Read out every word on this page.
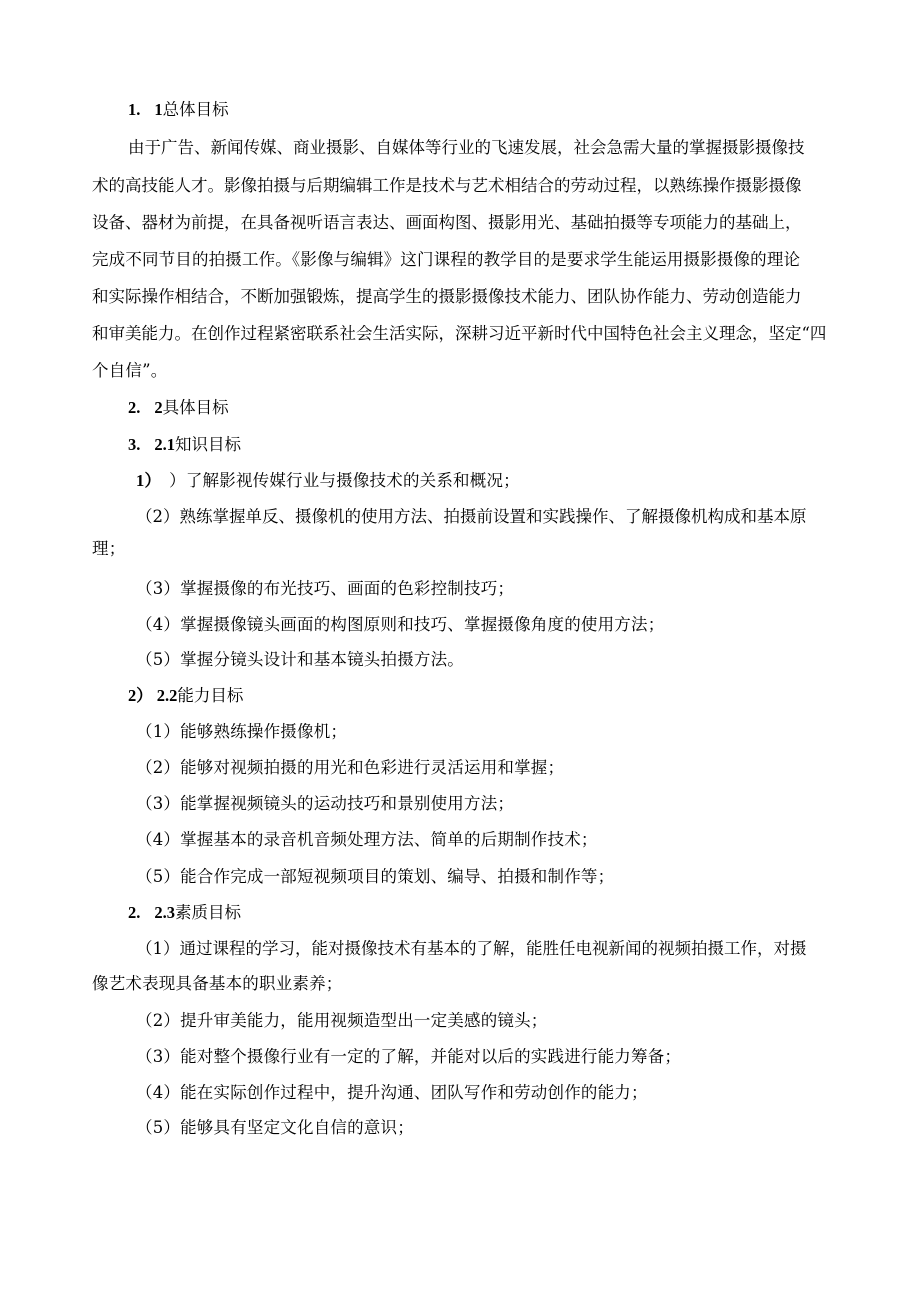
1. 1总体目标
由于广告、新闻传媒、商业摄影、自媒体等行业的飞速发展，社会急需大量的掌握摄影摄像技
术的高技能人才。影像拍摄与后期编辑工作是技术与艺术相结合的劳动过程，以熟练操作摄影摄像
设备、器材为前提，在具备视听语言表达、画面构图、摄影用光、基础拍摄等专项能力的基础上，
完成不同节目的拍摄工作。《影像与编辑》这门课程的教学目的是要求学生能运用摄影摄像的理论
和实际操作相结合，不断加强锻炼，提高学生的摄影摄像技术能力、团队协作能力、劳动创造能力
和审美能力。在创作过程紧密联系社会生活实际，深耕习近平新时代中国特色社会主义理念，坚定“四
个自信”。
2. 2具体目标
3. 2.1知识目标
1） ）了解影视传媒行业与摄像技术的关系和概况；
（2）熟练掌握单反、摄像机的使用方法、拍摄前设置和实践操作、了解摄像机构成和基本原
理；
（3）掌握摄像的布光技巧、画面的色彩控制技巧；
（4）掌握摄像镜头画面的构图原则和技巧、掌握摄像角度的使用方法；
（5）掌握分镜头设计和基本镜头拍摄方法。
2） 2.2能力目标
（1）能够熟练操作摄像机；
（2）能够对视频拍摄的用光和色彩进行灵活运用和掌握；
（3）能掌握视频镜头的运动技巧和景别使用方法；
（4）掌握基本的录音机音频处理方法、简单的后期制作技术；
（5）能合作完成一部短视频项目的策划、编导、拍摄和制作等；
2. 2.3素质目标
（1）通过课程的学习，能对摄像技术有基本的了解，能胜任电视新闻的视频拍摄工作，对摄
像艺术表现具备基本的职业素养；
（2）提升审美能力，能用视频造型出一定美感的镜头；
（3）能对整个摄像行业有一定的了解，并能对以后的实践进行能力筹备；
（4）能在实际创作过程中，提升沟通、团队写作和劳动创作的能力；
（5）能够具有坚定文化自信的意识；
